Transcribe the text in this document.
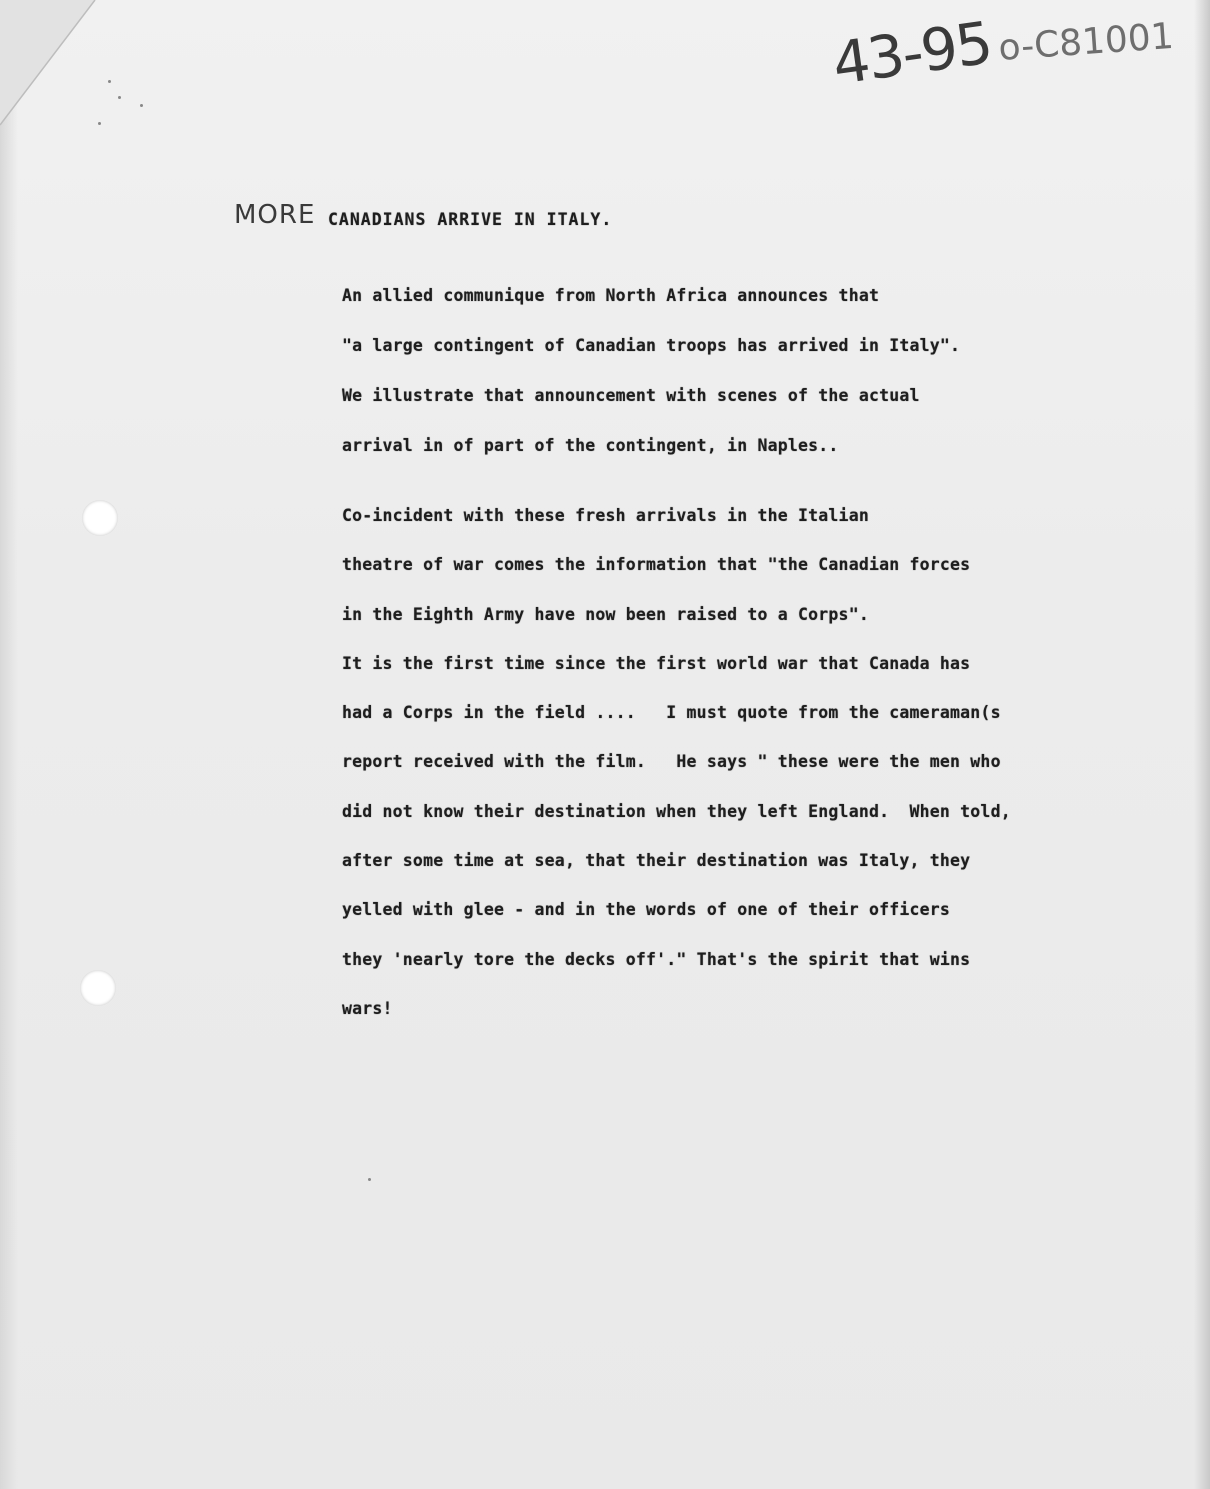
43-95 o-C81001
MORE CANADIANS ARRIVE IN ITALY.
An allied communique from North Africa announces that
"a large contingent of Canadian troops has arrived in Italy".
We illustrate that announcement with scenes of the actual
arrival in of part of the contingent, in Naples..
Co-incident with these fresh arrivals in the Italian
theatre of war comes the information that "the Canadian forces
in the Eighth Army have now been raised to a Corps".
It is the first time since the first world war that Canada has
had a Corps in the field ....   I must quote from the cameraman(s
report received with the film.   He says " these were the men who
did not know their destination when they left England.  When told,
after some time at sea, that their destination was Italy, they
yelled with glee - and in the words of one of their officers
they 'nearly tore the decks off'." That's the spirit that wins
wars!
